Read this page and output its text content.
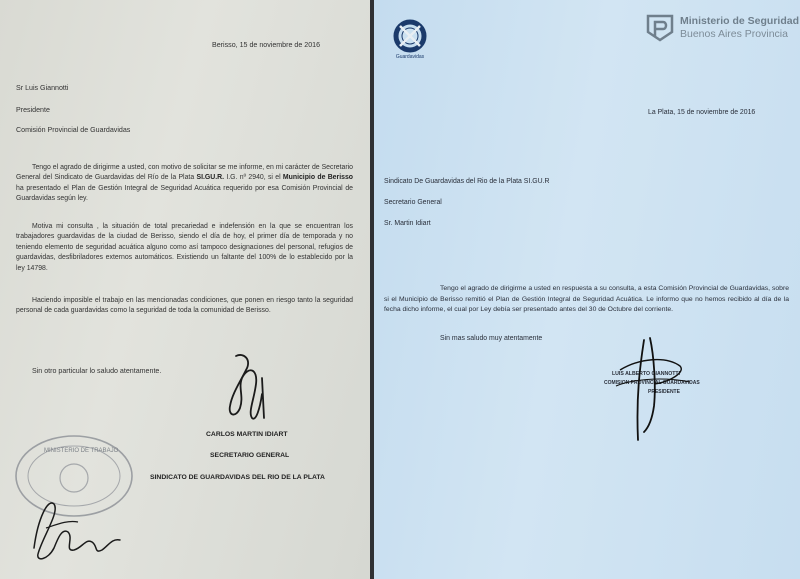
Berisso, 15 de noviembre de 2016
Sr Luis Giannotti
Presidente
Comisión Provincial de Guardavidas
Tengo el agrado de dirigirme a usted, con motivo de solicitar se me informe, en mi carácter de Secretario General del Sindicato de Guardavidas del Río de la Plata SI.GU.R. I.G. nº 2940, si el Municipio de Berisso ha presentado el Plan de Gestión Integral de Seguridad Acuática requerido por esa Comisión Provincial de Guardavidas según ley.
Motiva mi consulta , la situación de total precariedad e indefensión en la que se encuentran los trabajadores guardavidas de la ciudad de Berisso, siendo el día de hoy, el primer día de temporada y no teniendo elemento de seguridad acuática alguno como así tampoco designaciones del personal, refugios de guardavidas, desfibriladores externos automáticos. Existiendo un faltante del 100% de lo establecido por la ley 14798.
Haciendo imposible el trabajo en las mencionadas condiciones, que ponen en riesgo tanto la seguridad personal de cada guardavidas como la seguridad de toda la comunidad de Berisso.
Sin otro particular lo saludo atentamente.
CARLOS MARTIN IDIART
SECRETARIO GENERAL
SINDICATO DE GUARDAVIDAS DEL RIO DE LA PLATA
MINISTERIO DE TRABAJO
Guardavidas
Ministerio de Seguridad
Buenos Aires Provincia
La Plata, 15 de noviembre de 2016
Sindicato De Guardavidas del Rio de la Plata SI.GU.R
Secretario General
Sr. Martin Idiart
Tengo el agrado de dirigirme a usted en respuesta a su consulta, a esta Comisión Provincial de Guardavidas, sobre si el Municipio de Berisso remitió el Plan de Gestión Integral de Seguridad Acuática. Le informo que no hemos recibido al día de la fecha dicho informe, el cual por Ley debía ser presentado antes del 30 de Octubre del corriente.
Sin mas saludo muy atentamente
LUIS ALBERTO GIANNOTTI
COMISION PROVINCIAL GUARDAVIDAS
PRESIDENTE
